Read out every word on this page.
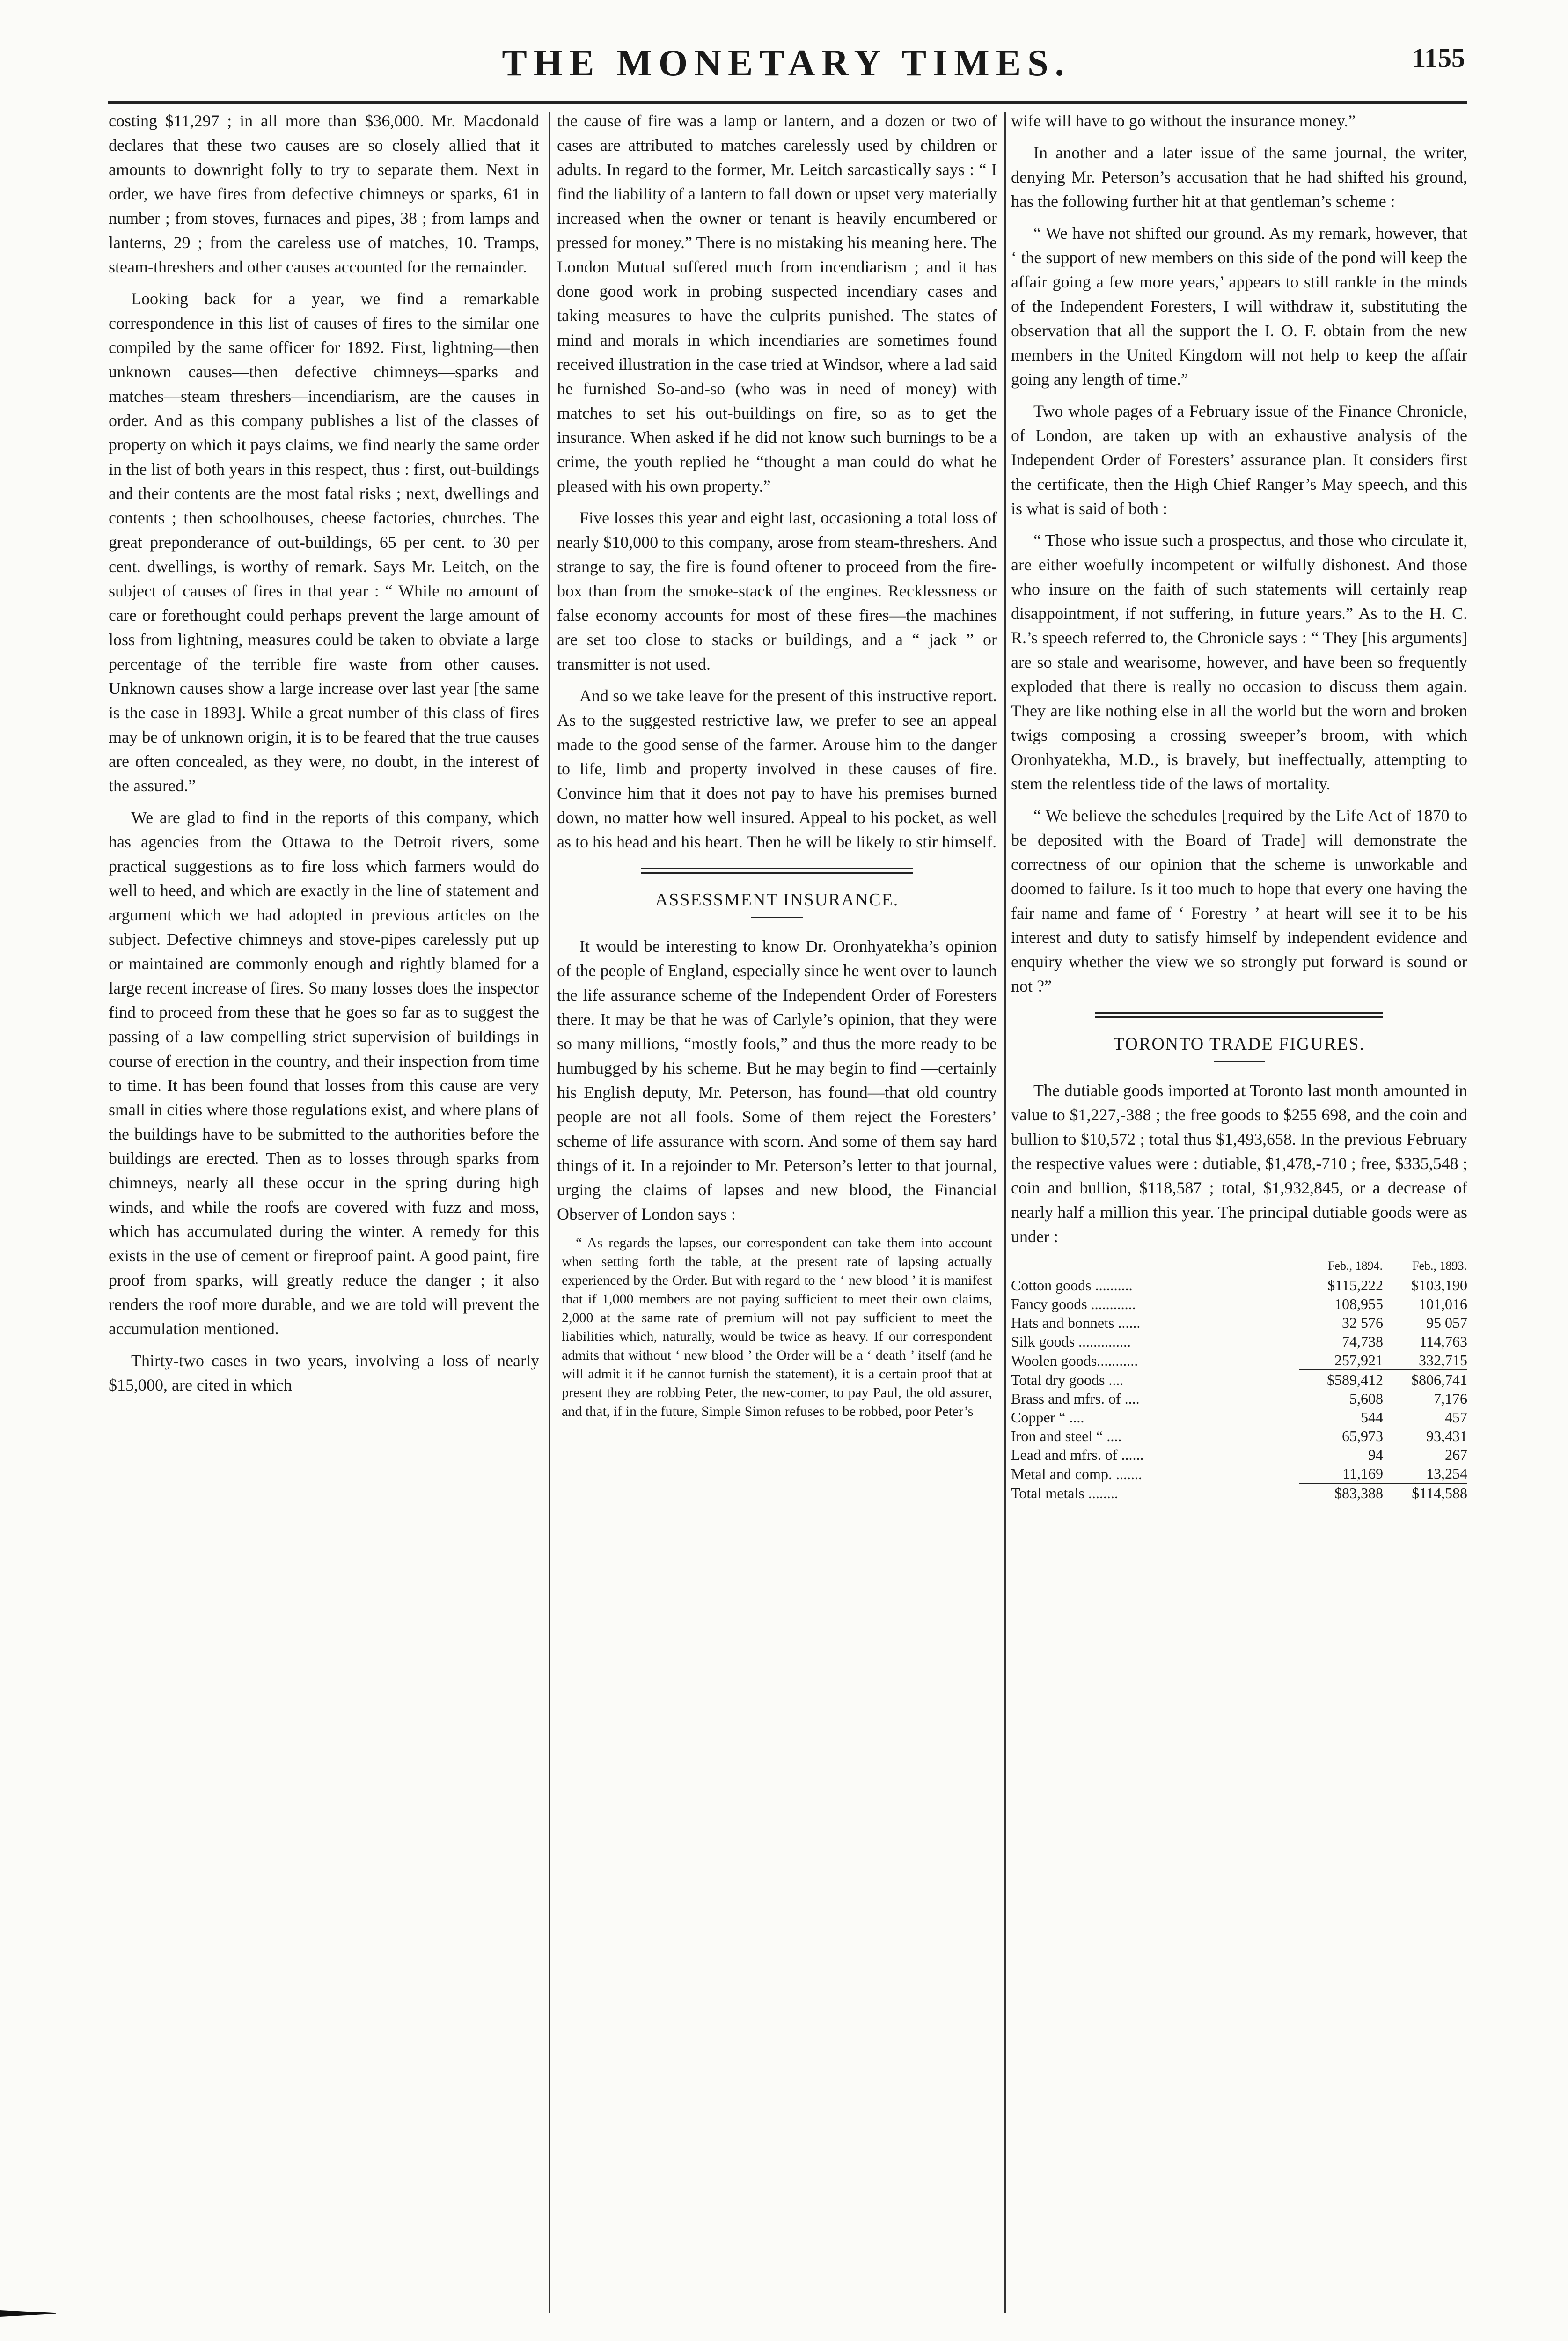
THE MONETARY TIMES.	1155

costing $11,297 ; in all more than $36,000. Mr. Macdonald declares that these two causes are so closely allied that it amounts to downright folly to try to separate them. Next in order, we have fires from defective chimneys or sparks, 61 in number ; from stoves, furnaces and pipes, 38 ; from lamps and lanterns, 29 ; from the careless use of matches, 10. Tramps, steam-threshers and other causes accounted for the remainder.

Looking back for a year, we find a remarkable correspondence in this list of causes of fires to the similar one compiled by the same officer for 1892. First, lightning—then unknown causes—then defective chimneys—sparks and matches—steam threshers—incendiarism, are the causes in order. And as this company publishes a list of the classes of property on which it pays claims, we find nearly the same order in the list of both years in this respect, thus : first, out-buildings and their contents are the most fatal risks ; next, dwellings and contents ; then schoolhouses, cheese factories, churches. The great preponderance of out-buildings, 65 per cent. to 30 per cent. dwellings, is worthy of remark. Says Mr. Leitch, on the subject of causes of fires in that year : “ While no amount of care or forethought could perhaps prevent the large amount of loss from lightning, measures could be taken to obviate a large percentage of the terrible fire waste from other causes. Unknown causes show a large increase over last year [the same is the case in 1893]. While a great number of this class of fires may be of unknown origin, it is to be feared that the true causes are often concealed, as they were, no doubt, in the interest of the assured.”

We are glad to find in the reports of this company, which has agencies from the Ottawa to the Detroit rivers, some practical suggestions as to fire loss which farmers would do well to heed, and which are exactly in the line of statement and argument which we had adopted in previous articles on the subject. Defective chimneys and stove-pipes carelessly put up or maintained are commonly enough and rightly blamed for a large recent increase of fires. So many losses does the inspector find to proceed from these that he goes so far as to suggest the passing of a law compelling strict supervision of buildings in course of erection in the country, and their inspection from time to time. It has been found that losses from this cause are very small in cities where those regulations exist, and where plans of the buildings have to be submitted to the authorities before the buildings are erected. Then as to losses through sparks from chimneys, nearly all these occur in the spring during high winds, and while the roofs are covered with fuzz and moss, which has accumulated during the winter. A remedy for this exists in the use of cement or fireproof paint. A good paint, fire proof from sparks, will greatly reduce the danger ; it also renders the roof more durable, and we are told will prevent the accumulation mentioned.

Thirty-two cases in two years, involving a loss of nearly $15,000, are cited in which

the cause of fire was a lamp or lantern, and a dozen or two of cases are attributed to matches carelessly used by children or adults. In regard to the former, Mr. Leitch sarcastically says : “ I find the liability of a lantern to fall down or upset very materially increased when the owner or tenant is heavily encumbered or pressed for money.” There is no mistaking his meaning here. The London Mutual suffered much from incendiarism ; and it has done good work in probing suspected incendiary cases and taking measures to have the culprits punished. The states of mind and morals in which incendiaries are sometimes found received illustration in the case tried at Windsor, where a lad said he furnished So-and-so (who was in need of money) with matches to set his out-buildings on fire, so as to get the insurance. When asked if he did not know such burnings to be a crime, the youth replied he “thought a man could do what he pleased with his own property.”

Five losses this year and eight last, occasioning a total loss of nearly $10,000 to this company, arose from steam-threshers. And strange to say, the fire is found oftener to proceed from the fire-box than from the smoke-stack of the engines. Recklessness or false economy accounts for most of these fires—the machines are set too close to stacks or buildings, and a “ jack ” or transmitter is not used.

And so we take leave for the present of this instructive report. As to the suggested restrictive law, we prefer to see an appeal made to the good sense of the farmer. Arouse him to the danger to life, limb and property involved in these causes of fire. Convince him that it does not pay to have his premises burned down, no matter how well insured. Appeal to his pocket, as well as to his head and his heart. Then he will be likely to stir himself.

ASSESSMENT INSURANCE.

It would be interesting to know Dr. Oronhyatekha’s opinion of the people of England, especially since he went over to launch the life assurance scheme of the Independent Order of Foresters there. It may be that he was of Carlyle’s opinion, that they were so many millions, “mostly fools,” and thus the more ready to be humbugged by his scheme. But he may begin to find —certainly his English deputy, Mr. Peterson, has found—that old country people are not all fools. Some of them reject the Foresters’ scheme of life assurance with scorn. And some of them say hard things of it. In a rejoinder to Mr. Peterson’s letter to that journal, urging the claims of lapses and new blood, the Financial Observer of London says :

“ As regards the lapses, our correspondent can take them into account when setting forth the table, at the present rate of lapsing actually experienced by the Order. But with regard to the ‘ new blood ’ it is manifest that if 1,000 members are not paying sufficient to meet their own claims, 2,000 at the same rate of premium will not pay sufficient to meet the liabilities which, naturally, would be twice as heavy. If our correspondent admits that without ‘ new blood ’ the Order will be a ‘ death ’ itself (and he will admit it if he cannot furnish the statement), it is a certain proof that at present they are robbing Peter, the new-comer, to pay Paul, the old assurer, and that, if in the future, Simple Simon refuses to be robbed, poor Peter’s

wife will have to go without the insurance money.”

In another and a later issue of the same journal, the writer, denying Mr. Peterson’s accusation that he had shifted his ground, has the following further hit at that gentleman’s scheme :

“ We have not shifted our ground. As my remark, however, that ‘ the support of new members on this side of the pond will keep the affair going a few more years,’ appears to still rankle in the minds of the Independent Foresters, I will withdraw it, substituting the observation that all the support the I. O. F. obtain from the new members in the United Kingdom will not help to keep the affair going any length of time.”

Two whole pages of a February issue of the Finance Chronicle, of London, are taken up with an exhaustive analysis of the Independent Order of Foresters’ assurance plan. It considers first the certificate, then the High Chief Ranger’s May speech, and this is what is said of both :

“ Those who issue such a prospectus, and those who circulate it, are either woefully incompetent or wilfully dishonest. And those who insure on the faith of such statements will certainly reap disappointment, if not suffering, in future years.” As to the H. C. R.’s speech referred to, the Chronicle says : “ They [his arguments] are so stale and wearisome, however, and have been so frequently exploded that there is really no occasion to discuss them again. They are like nothing else in all the world but the worn and broken twigs composing a crossing sweeper’s broom, with which Oronhyatekha, M.D., is bravely, but ineffectually, attempting to stem the relentless tide of the laws of mortality.

“ We believe the schedules [required by the Life Act of 1870 to be deposited with the Board of Trade] will demonstrate the correctness of our opinion that the scheme is unworkable and doomed to failure. Is it too much to hope that every one having the fair name and fame of ‘ Forestry ’ at heart will see it to be his interest and duty to satisfy himself by independent evidence and enquiry whether the view we so strongly put forward is sound or not ?”

TORONTO TRADE FIGURES.

The dutiable goods imported at Toronto last month amounted in value to $1,227,-388 ; the free goods to $255 698, and the coin and bullion to $10,572 ; total thus $1,493,658. In the previous February the respective values were : dutiable, $1,478,-710 ; free, $335,548 ; coin and bullion, $118,587 ; total, $1,932,845, or a decrease of nearly half a million this year. The principal dutiable goods were as under :

	Feb., 1894.	Feb., 1893.
Cotton goods ..........	$115,222	$103,190
Fancy goods ............	108,955	101,016
Hats and bonnets ......	32 576	95 057
Silk goods ..............	74,738	114,763
Woolen goods...........	257,921	332,715
Total dry goods ....	$589,412	$806,741
Brass and mfrs. of ....	5,608	7,176
Copper “ ....	544	457
Iron and steel “ ....	65,973	93,431
Lead and mfrs. of ......	94	267
Metal and comp. .......	11,169	13,254
Total metals ........	$83,388	$114,588
